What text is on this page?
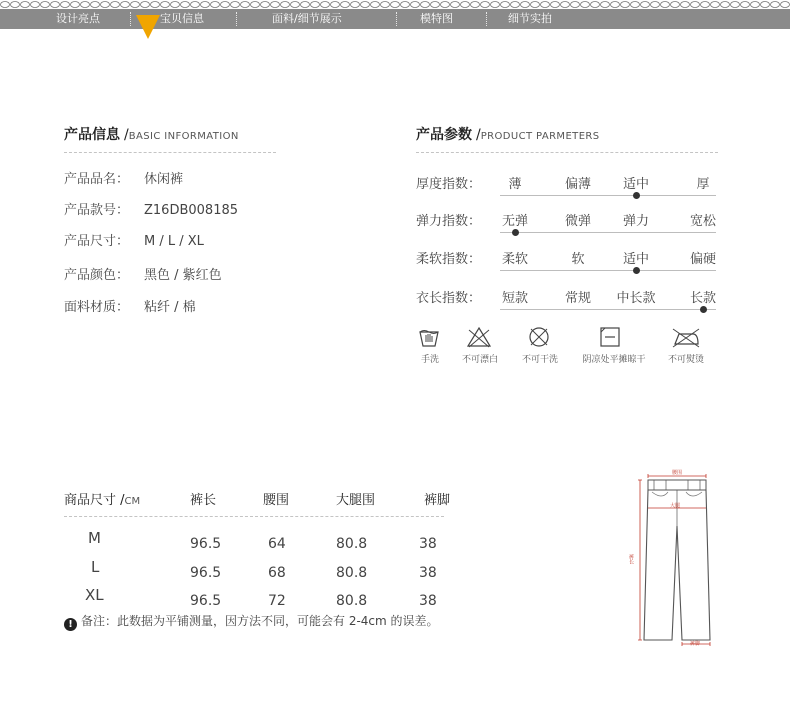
设计亮点	宝贝信息	面料/细节展示	模特图	细节实拍
产品信息 /BASIC INFORMATION
产品品名： 休闲裤
产品款号： Z16DB008185
产品尺寸： M / L / XL
产品颜色： 黑色 / 紫红色
面料材质： 粘纤 / 棉
产品参数 /PRODUCT PARMETERS
厚度指数： 薄	偏薄 适中	厚
弹力指数： 无弹	微弹 弹力	宽松
柔软指数： 柔软	软	适中	偏硬
衣长指数： 短款	常规 中长款	长款
手洗	不可漂白	不可干洗	阴凉处平摊晾干 不可熨烫
商品尺寸 /CM	裤长	腰围	大腿围	裤脚
M	96.5	64	80.8	38
L	96.5	68	80.8	38
XL	96.5	72	80.8	38
! 备注：此数据为平铺测量，因方法不同，可能会有 2-4cm 的误差。
腰围
大腿
裤长
裤脚
